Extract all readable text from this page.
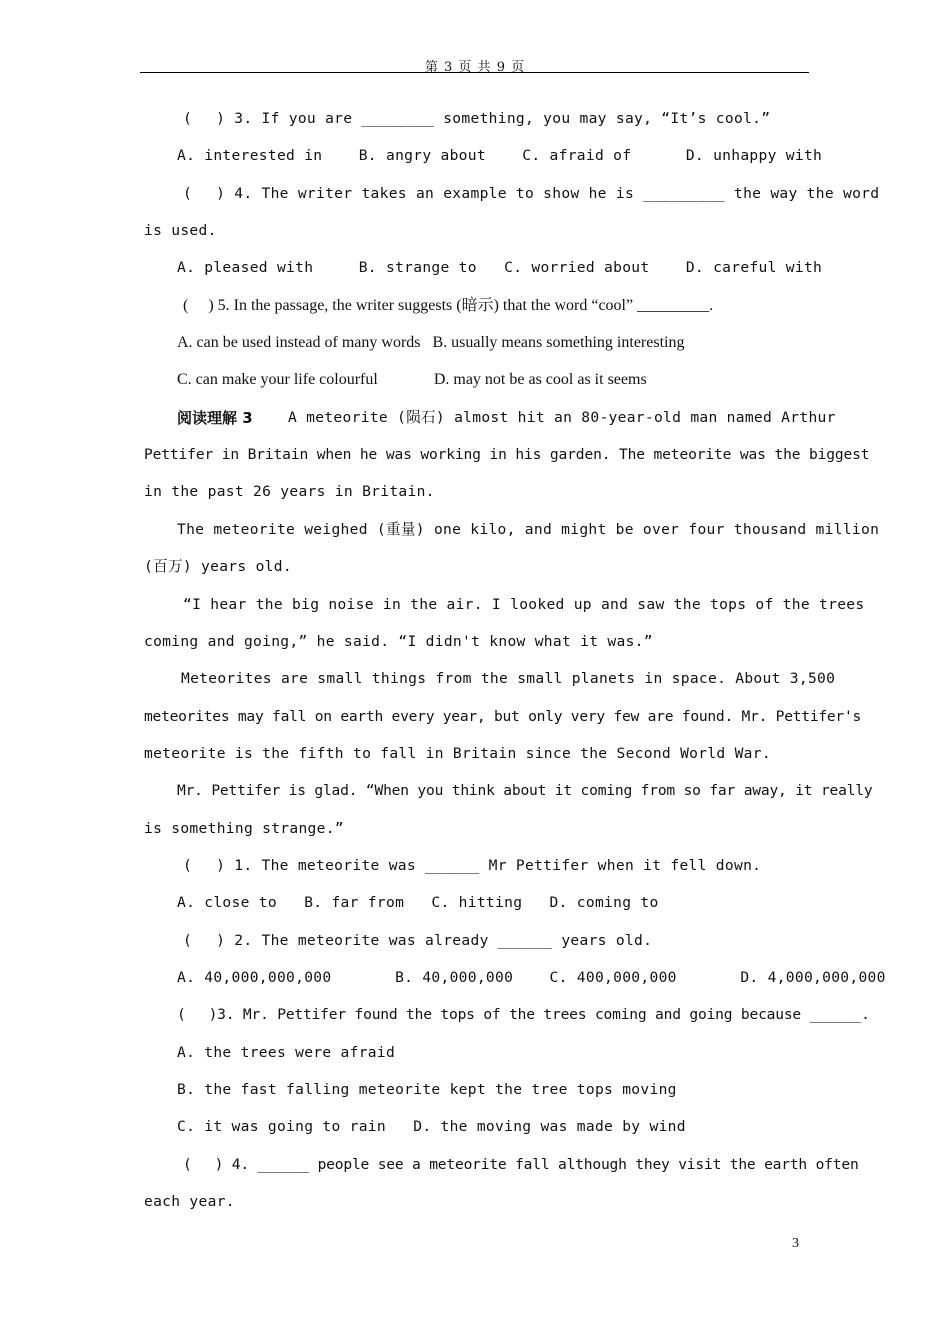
第 3 页 共 9 页
(　 ) 3. If you are ________ something, you may say, “It’s cool.”
A. interested in    B. angry about    C. afraid of      D. unhappy with
(　 ) 4. The writer takes an example to show he is _________ the way the word
is used.
A. pleased with     B. strange to   C. worried about    D. careful with
(　 ) 5. In the passage, the writer suggests (暗示) that the word “cool” _________.
A. can be used instead of many words   B. usually means something interesting
C. can make your life colourful              D. may not be as cool as it seems
阅读理解 3 A meteorite (陨石) almost hit an 80-year-old man named Arthur
Pettifer in Britain when he was working in his garden. The meteorite was the biggest
in the past 26 years in Britain.
The meteorite weighed (重量) one kilo, and might be over four thousand million
(百万) years old.
“I hear the big noise in the air. I looked up and saw the tops of the trees
coming and going,” he said. “I didn't know what it was.”
Meteorites are small things from the small planets in space. About 3,500
meteorites may fall on earth every year, but only very few are found. Mr. Pettifer's
meteorite is the fifth to fall in Britain since the Second World War.
Mr. Pettifer is glad. “When you think about it coming from so far away, it really
is something strange.”
(　 ) 1. The meteorite was ______ Mr Pettifer when it fell down.
A. close to   B. far from   C. hitting   D. coming to
(　 ) 2. The meteorite was already ______ years old.
A. 40,000,000,000       B. 40,000,000    C. 400,000,000       D. 4,000,000,000
(　 )3. Mr. Pettifer found the tops of the trees coming and going because ______.
A. the trees were afraid
B. the fast falling meteorite kept the tree tops moving
C. it was going to rain   D. the moving was made by wind
(　 ) 4. ______ people see a meteorite fall although they visit the earth often
each year.
3
